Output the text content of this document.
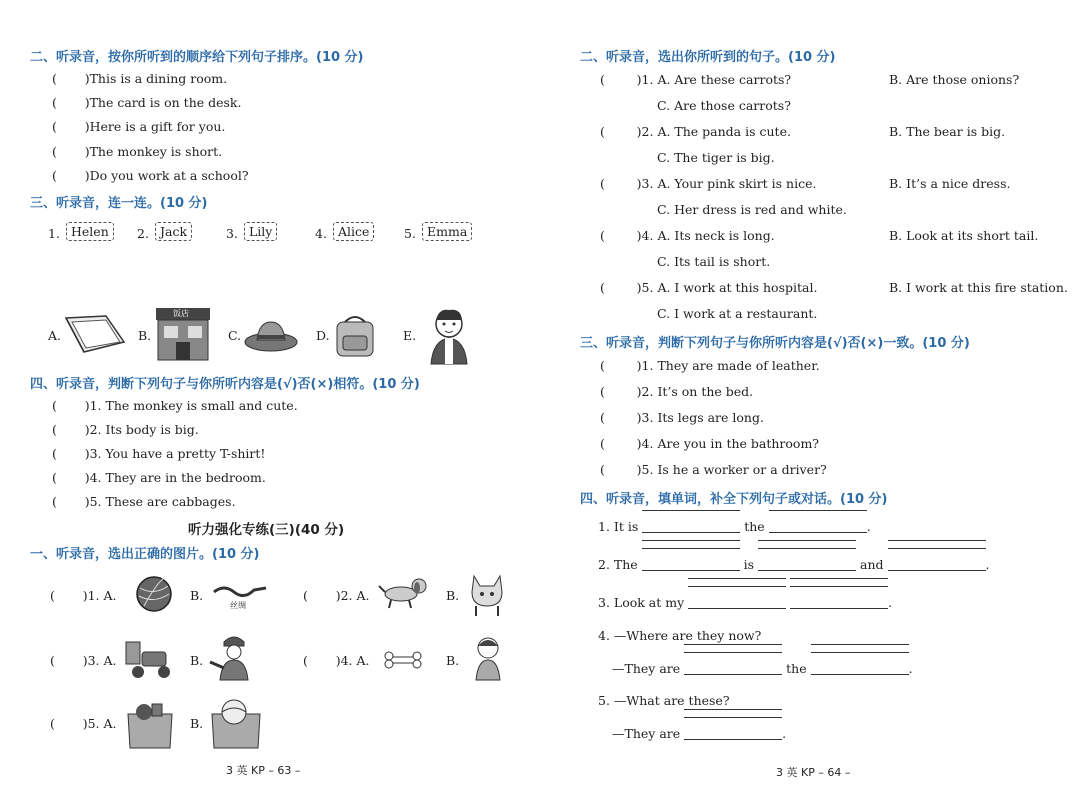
二、听录音，按你所听到的顺序给下列句子排序。(10 分)
(       )This is a dining room.
(       )The card is on the desk.
(       )Here is a gift for you.
(       )The monkey is short.
(       )Do you work at a school?
三、听录音，连一连。(10 分)
1. Helen	2. Jack	3. Lily	4. Alice	5. Emma
A.	B.
饭店
C.	D.	E.
四、听录音，判断下列句子与你所听内容是(√)否(×)相符。(10 分)
(       )1. The monkey is small and cute.
(       )2. Its body is big.
(       )3. You have a pretty T-shirt!
(       )4. They are in the bedroom.
(       )5. These are cabbages.
听力强化专练(三)(40 分)
一、听录音，选出正确的图片。(10 分)
(       )1. A.	B.
丝绸
(       )2. A.	B.
(       )3. A.	B.	(       )4. A.	B.
(       )5. A.	B.
3 英 KP – 63 –
二、听录音，选出你所听到的句子。(10 分)
(        )1. A. Are these carrots?	B. Are those onions?
C. Are those carrots?
(        )2. A. The panda is cute.	B. The bear is big.
C. The tiger is big.
(        )3. A. Your pink skirt is nice.	B. It’s a nice dress.
C. Her dress is red and white.
(        )4. A. Its neck is long.	B. Look at its short tail.
C. Its tail is short.
(        )5. A. I work at this hospital.	B. I work at this fire station.
C. I work at a restaurant.
三、听录音，判断下列句子与你所听内容是(√)否(×)一致。(10 分)
(        )1. They are made of leather.
(        )2. It’s on the bed.
(        )3. Its legs are long.
(        )4. Are you in the bathroom?
(        )5. Is he a worker or a driver?
四、听录音，填单词，补全下列句子或对话。(10 分)
1. It is	the	.
2. The	is	and	.
3. Look at my	.
4. —Where are they now?
—They are	the	.
5. —What are these?
—They are	.
3 英 KP – 64 –
